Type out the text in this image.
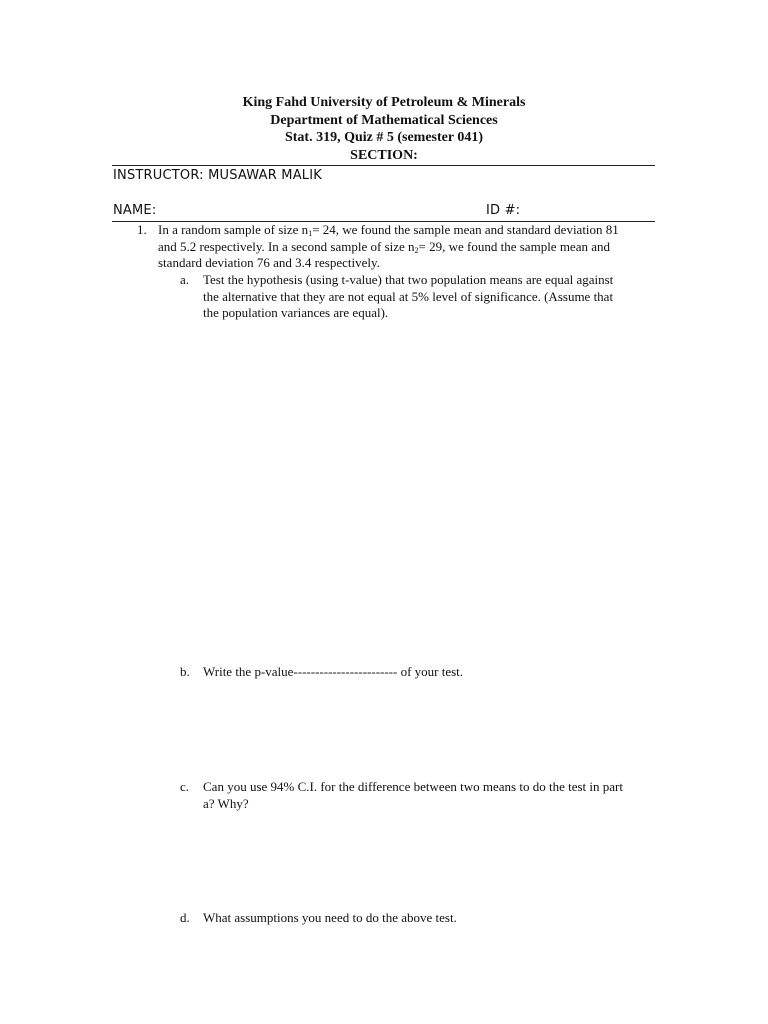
King Fahd University of Petroleum & Minerals
Department of Mathematical Sciences
Stat. 319, Quiz # 5 (semester 041)
SECTION:
INSTRUCTOR: MUSAWAR MALIK
NAME:	ID #:
1. In a random sample of size $n_1= 24$, we found the sample mean and standard deviation 81
and 5.2 respectively. In a second sample of size $n_2= 29$, we found the sample mean and
standard deviation 76 and 3.4 respectively.
a. Test the hypothesis (using t-value) that two population means are equal against
the alternative that they are not equal at 5% level of significance. (Assume that
the population variances are equal).
b. Write the p-value------------------------ of your test.
c. Can you use 94% C.I. for the difference between two means to do the test in part
a? Why?
d. What assumptions you need to do the above test.
